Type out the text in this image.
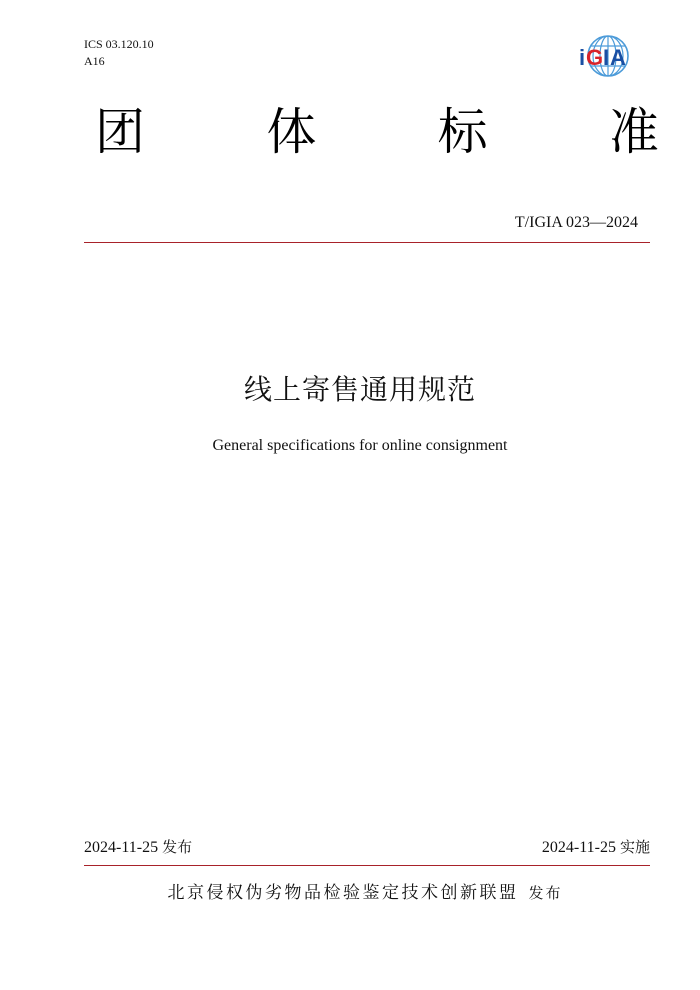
ICS 03.120.10
A16	i G I A
团 体 标 准
T/IGIA 023—2024
线上寄售通用规范
General specifications for online consignment
2024-11-25 发布	2024-11-25 实施
北京侵权伪劣物品检验鉴定技术创新联盟 发布
